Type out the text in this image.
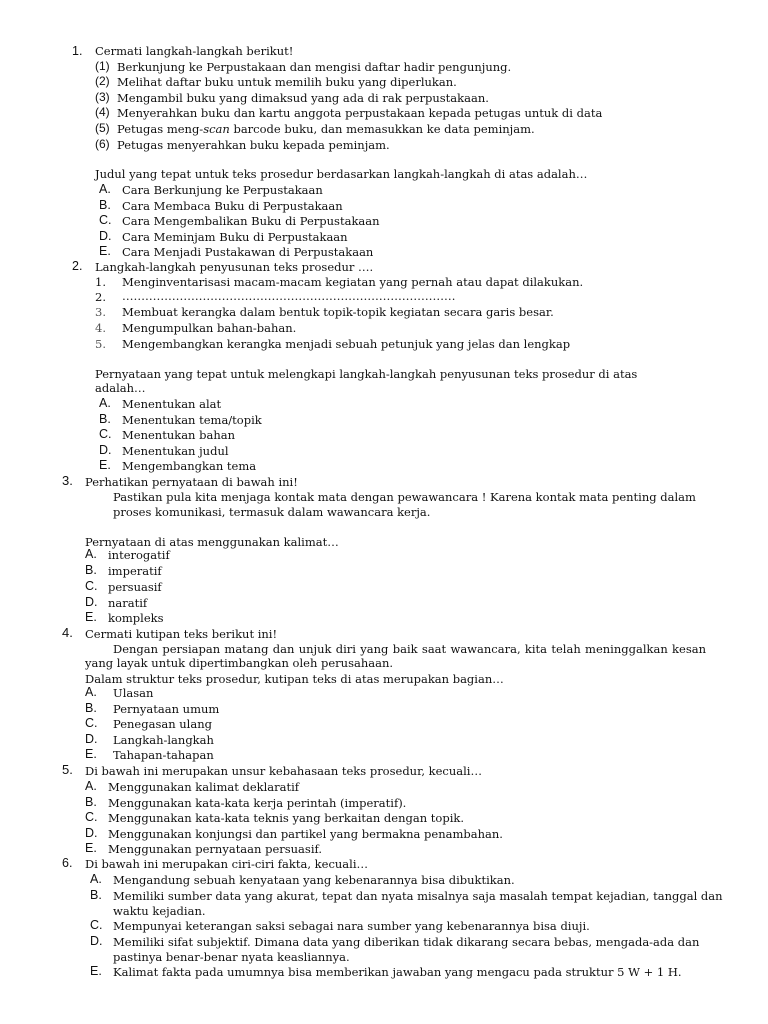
1. Cermati langkah-langkah berikut!
(1) Berkunjung ke Perpustakaan dan mengisi daftar hadir pengunjung.
(2) Melihat daftar buku untuk memilih buku yang diperlukan.
(3) Mengambil buku yang dimaksud yang ada di rak perpustakaan.
(4) Menyerahkan buku dan kartu anggota perpustakaan kepada petugas untuk di data
(5) Petugas meng-scan barcode buku, dan memasukkan ke data peminjam.
(6) Petugas menyerahkan buku kepada peminjam.
Judul yang tepat untuk teks prosedur berdasarkan langkah-langkah di atas adalah…
A. Cara Berkunjung ke Perpustakaan
B. Cara Membaca Buku di Perpustakaan
C. Cara Mengembalikan Buku di Perpustakaan
D. Cara Meminjam Buku di Perpustakaan
E. Cara Menjadi Pustakawan di Perpustakaan
2. Langkah-langkah penyusunan teks prosedur ….
1. Menginventarisasi macam-macam kegiatan yang pernah atau dapat dilakukan.
2. ……………………………………………………………………………
3. Membuat kerangka dalam bentuk topik-topik kegiatan secara garis besar.
4. Mengumpulkan bahan-bahan.
5. Mengembangkan kerangka menjadi sebuah petunjuk yang jelas dan lengkap
Pernyataan yang tepat untuk melengkapi langkah-langkah penyusunan teks prosedur di atas
adalah…
A. Menentukan alat
B. Menentukan tema/topik
C. Menentukan bahan
D. Menentukan judul
E. Mengembangkan tema
3. Perhatikan pernyataan di bawah ini!
Pastikan pula kita menjaga kontak mata dengan pewawancara ! Karena kontak mata penting dalam
proses komunikasi, termasuk dalam wawancara kerja.
Pernyataan di atas menggunakan kalimat…
A. interogatif
B. imperatif
C. persuasif
D. naratif
E. kompleks
4. Cermati kutipan teks berikut ini!
Dengan persiapan matang dan unjuk diri yang baik saat wawancara, kita telah meninggalkan kesan yang layak untuk dipertimbangkan oleh perusahaan.
Dalam struktur teks prosedur, kutipan teks di atas merupakan bagian…
A. Ulasan
B. Pernyataan umum
C. Penegasan ulang
D. Langkah-langkah
E. Tahapan-tahapan
5. Di bawah ini merupakan unsur kebahasaan teks prosedur, kecuali…
A. Menggunakan kalimat deklaratif
B. Menggunakan kata-kata kerja perintah (imperatif).
C. Menggunakan kata-kata teknis yang berkaitan dengan topik.
D. Menggunakan konjungsi dan partikel yang bermakna penambahan.
E. Menggunakan pernyataan persuasif.
6. Di bawah ini merupakan ciri-ciri fakta, kecuali…
A. Mengandung sebuah kenyataan yang kebenarannya bisa dibuktikan.
B. Memiliki sumber data yang akurat, tepat dan nyata misalnya saja masalah tempat kejadian, tanggal dan
waktu kejadian.
C. Mempunyai keterangan saksi sebagai nara sumber yang kebenarannya bisa diuji.
D. Memiliki sifat subjektif. Dimana data yang diberikan tidak dikarang secara bebas, mengada-ada dan
pastinya benar-benar nyata keasliannya.
E. Kalimat fakta pada umumnya bisa memberikan jawaban yang mengacu pada struktur 5 W + 1 H.
